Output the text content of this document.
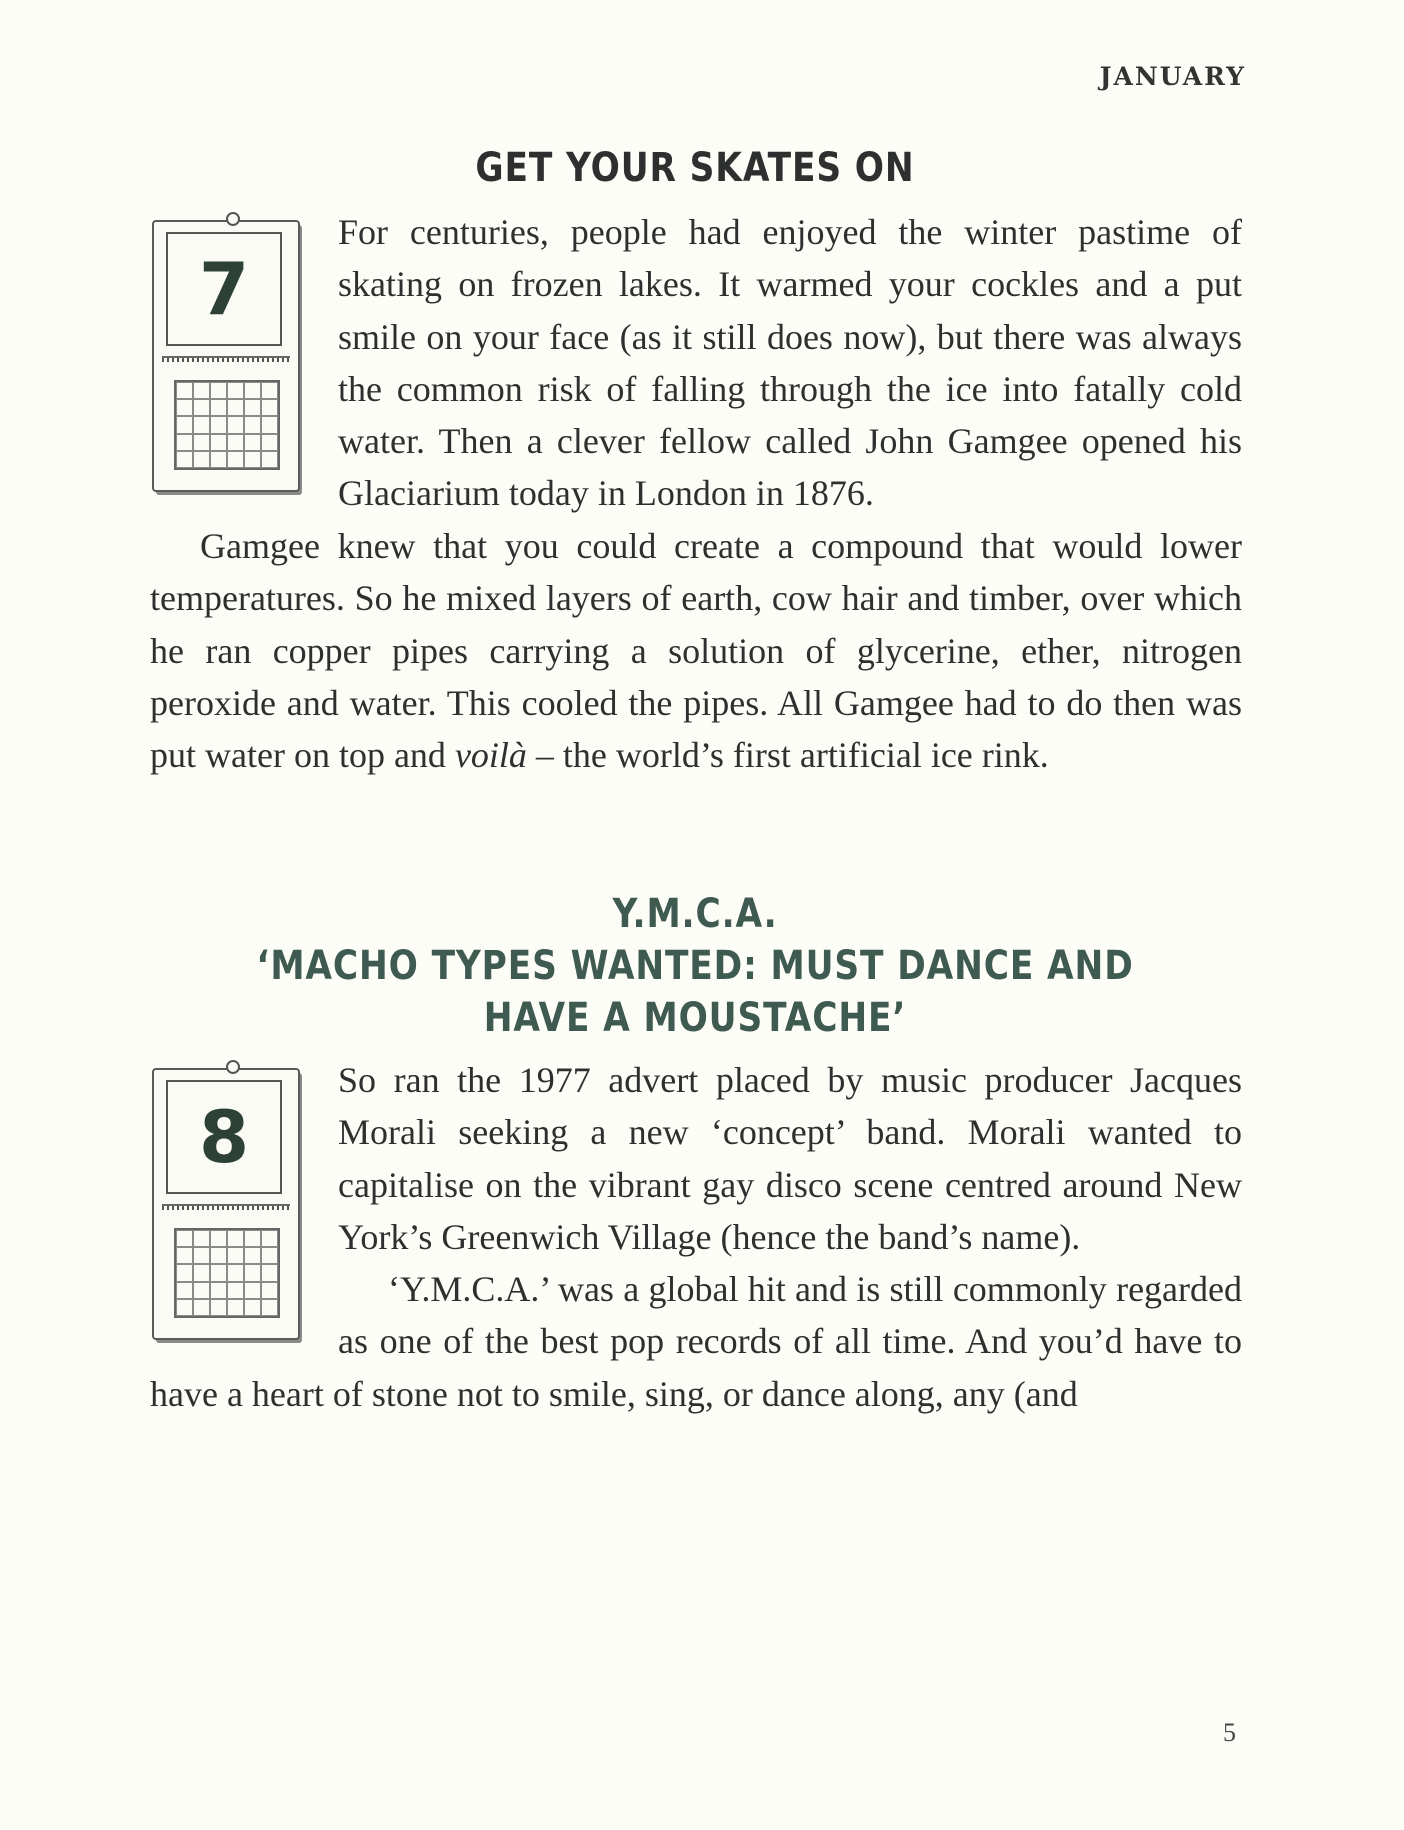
JANUARY
GET YOUR SKATES ON
7
For centuries, people had enjoyed the winter pastime of skating on frozen lakes. It warmed your cockles and a put smile on your face (as it still does now), but there was always the common risk of falling through the ice into fatally cold water. Then a clever fellow called John Gamgee opened his Glaciarium today in London in 1876.

Gamgee knew that you could create a compound that would lower temperatures. So he mixed layers of earth, cow hair and timber, over which he ran copper pipes carrying a solution of glycerine, ether, nitrogen peroxide and water. This cooled the pipes. All Gamgee had to do then was put water on top and voilà – the world’s first artificial ice rink.

Y.M.C.A.
‘MACHO TYPES WANTED: MUST DANCE AND
HAVE A MOUSTACHE’
8
So ran the 1977 advert placed by music producer Jacques Morali seeking a new ‘concept’ band. Morali wanted to capitalise on the vibrant gay disco scene centred around New York’s Greenwich Village (hence the band’s name).
‘Y.M.C.A.’ was a global hit and is still commonly regarded as one of the best pop records of all time. And you’d have to have a heart of stone not to smile, sing, or dance along, any (and
5
